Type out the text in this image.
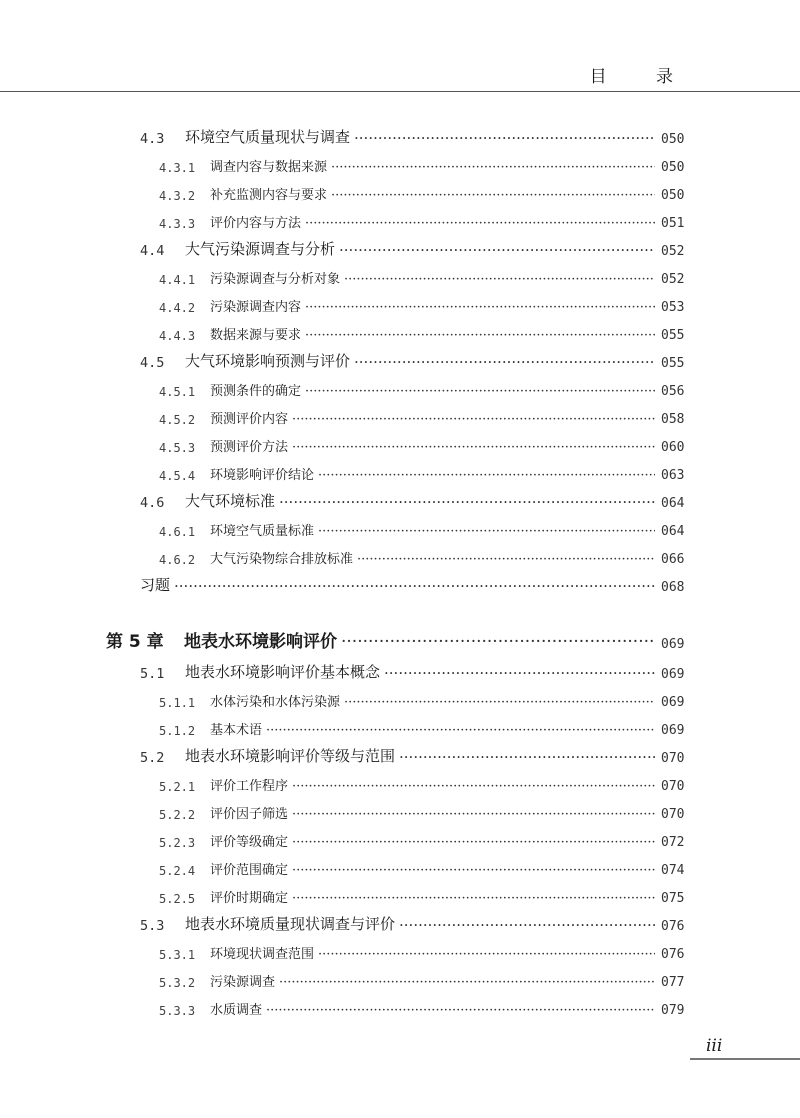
目 录
4.3	环境空气质量现状与调查 ·····	050
4.3.1	调查内容与数据来源 ·····	050
4.3.2	补充监测内容与要求 ·····	050
4.3.3	评价内容与方法 ·····	051
4.4	大气污染源调查与分析 ·····	052
4.4.1	污染源调查与分析对象 ·····	052
4.4.2	污染源调查内容 ·····	053
4.4.3	数据来源与要求 ·····	055
4.5	大气环境影响预测与评价 ·····	055
4.5.1	预测条件的确定 ·····	056
4.5.2	预测评价内容 ·····	058
4.5.3	预测评价方法 ·····	060
4.5.4	环境影响评价结论 ·····	063
4.6	大气环境标准 ·····	064
4.6.1	环境空气质量标准 ·····	064
4.6.2	大气污染物综合排放标准 ·····	066
习题 ·····	068
第 5 章	地表水环境影响评价 ·····	069
5.1	地表水环境影响评价基本概念 ·····	069
5.1.1	水体污染和水体污染源 ·····	069
5.1.2	基本术语 ·····	069
5.2	地表水环境影响评价等级与范围 ·····	070
5.2.1	评价工作程序 ·····	070
5.2.2	评价因子筛选 ·····	070
5.2.3	评价等级确定 ·····	072
5.2.4	评价范围确定 ·····	074
5.2.5	评价时期确定 ·····	075
5.3	地表水环境质量现状调查与评价 ·····	076
5.3.1	环境现状调查范围 ·····	076
5.3.2	污染源调查 ·····	077
5.3.3	水质调查 ·····	079
iii
